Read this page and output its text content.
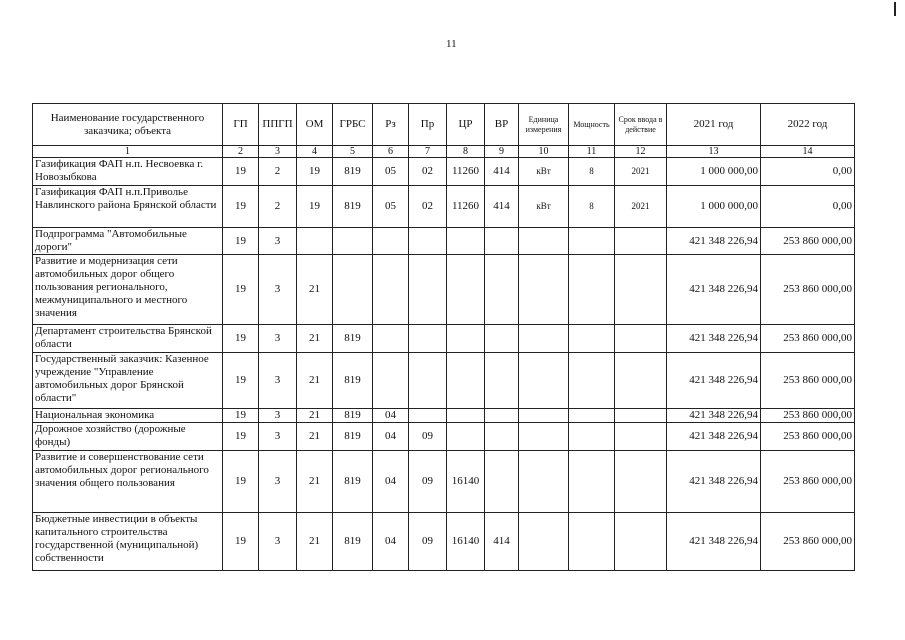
11
Наименование государственного заказчика; объекта	ГП	ППГП	ОМ	ГРБС	Рз	Пр	ЦР	ВР	Единица измерения	Мощность	Срок ввода в действие	2021 год	2022 год
1	2	3	4	5	6	7	8	9	10	11	12	13	14
Газификация ФАП н.п. Несвоевка г. Новозыбкова	19	2	19	819	05	02	11260	414	кВт	8	2021	1 000 000,00	0,00
Газификация ФАП н.п.Приволье Навлинского района Брянской области	19	2	19	819	05	02	11260	414	кВт	8	2021	1 000 000,00	0,00
Подпрограмма "Автомобильные дороги"	19	3										421 348 226,94	253 860 000,00
Развитие и модернизация сети автомобильных дорог общего пользования регионального, межмуниципального и местного значения	19	3	21									421 348 226,94	253 860 000,00
Департамент строительства Брянской области	19	3	21	819								421 348 226,94	253 860 000,00
Государственный заказчик: Казенное учреждение "Управление автомобильных дорог Брянской области"	19	3	21	819								421 348 226,94	253 860 000,00
Национальная экономика	19	3	21	819	04							421 348 226,94	253 860 000,00
Дорожное хозяйство (дорожные фонды)	19	3	21	819	04	09						421 348 226,94	253 860 000,00
Развитие и совершенствование сети автомобильных дорог регионального значения общего пользования	19	3	21	819	04	09	16140					421 348 226,94	253 860 000,00
Бюджетные инвестиции в объекты капитального строительства государственной (муниципальной) собственности	19	3	21	819	04	09	16140	414				421 348 226,94	253 860 000,00
